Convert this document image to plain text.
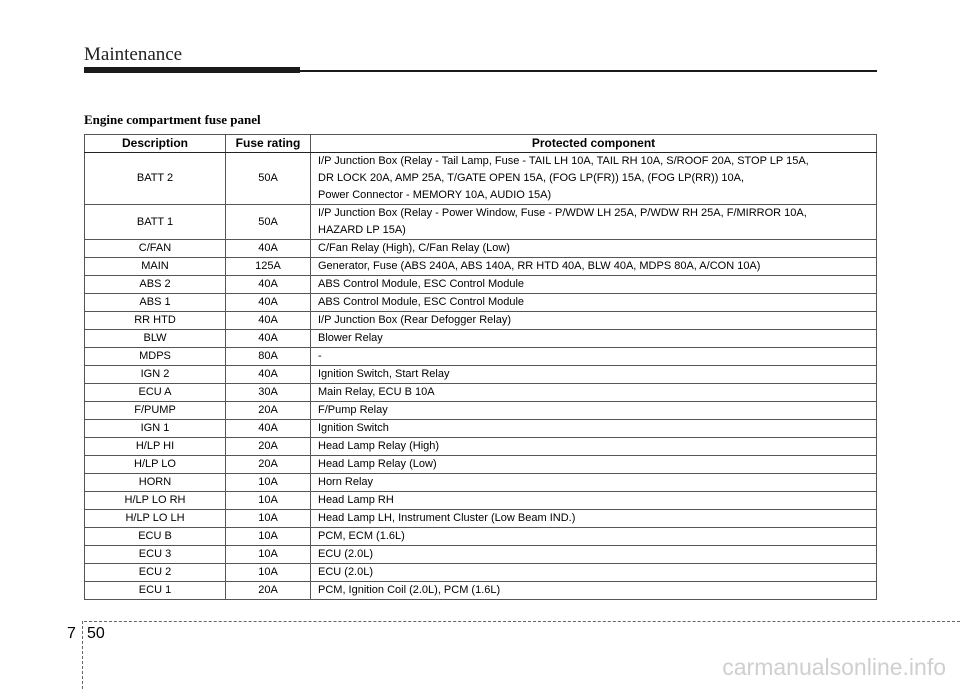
Maintenance
Engine compartment fuse panel
Description	Fuse rating	Protected component
BATT 2	50A	I/P Junction Box (Relay - Tail Lamp, Fuse - TAIL LH 10A, TAIL RH 10A, S/ROOF 20A, STOP LP 15A,
DR LOCK 20A, AMP 25A, T/GATE OPEN 15A, (FOG LP(FR)) 15A, (FOG LP(RR)) 10A,
Power Connector - MEMORY 10A, AUDIO 15A)

BATT 1	50A	I/P Junction Box (Relay - Power Window, Fuse - P/WDW LH 25A, P/WDW RH 25A, F/MIRROR 10A,
HAZARD LP 15A)

C/FAN	40A	C/Fan Relay (High), C/Fan Relay (Low)

MAIN	125A	Generator, Fuse (ABS 240A, ABS 140A, RR HTD 40A, BLW 40A, MDPS 80A, A/CON 10A)

ABS 2	40A	ABS Control Module, ESC Control Module

ABS 1	40A	ABS Control Module, ESC Control Module

RR HTD	40A	I/P Junction Box (Rear Defogger Relay)

BLW	40A	Blower Relay

MDPS	80A	-

IGN 2	40A	Ignition Switch, Start Relay

ECU A	30A	Main Relay, ECU B 10A

F/PUMP	20A	F/Pump Relay

IGN 1	40A	Ignition Switch

H/LP HI	20A	Head Lamp Relay (High)

H/LP LO	20A	Head Lamp Relay (Low)

HORN	10A	Horn Relay

H/LP LO RH	10A	Head Lamp RH

H/LP LO LH	10A	Head Lamp LH, Instrument Cluster (Low Beam IND.)

ECU B	10A	PCM, ECM (1.6L)

ECU 3	10A	ECU (2.0L)

ECU 2	10A	ECU (2.0L)

ECU 1	20A	PCM, Ignition Coil (2.0L), PCM (1.6L)
7 50
carmanualsonline.info
